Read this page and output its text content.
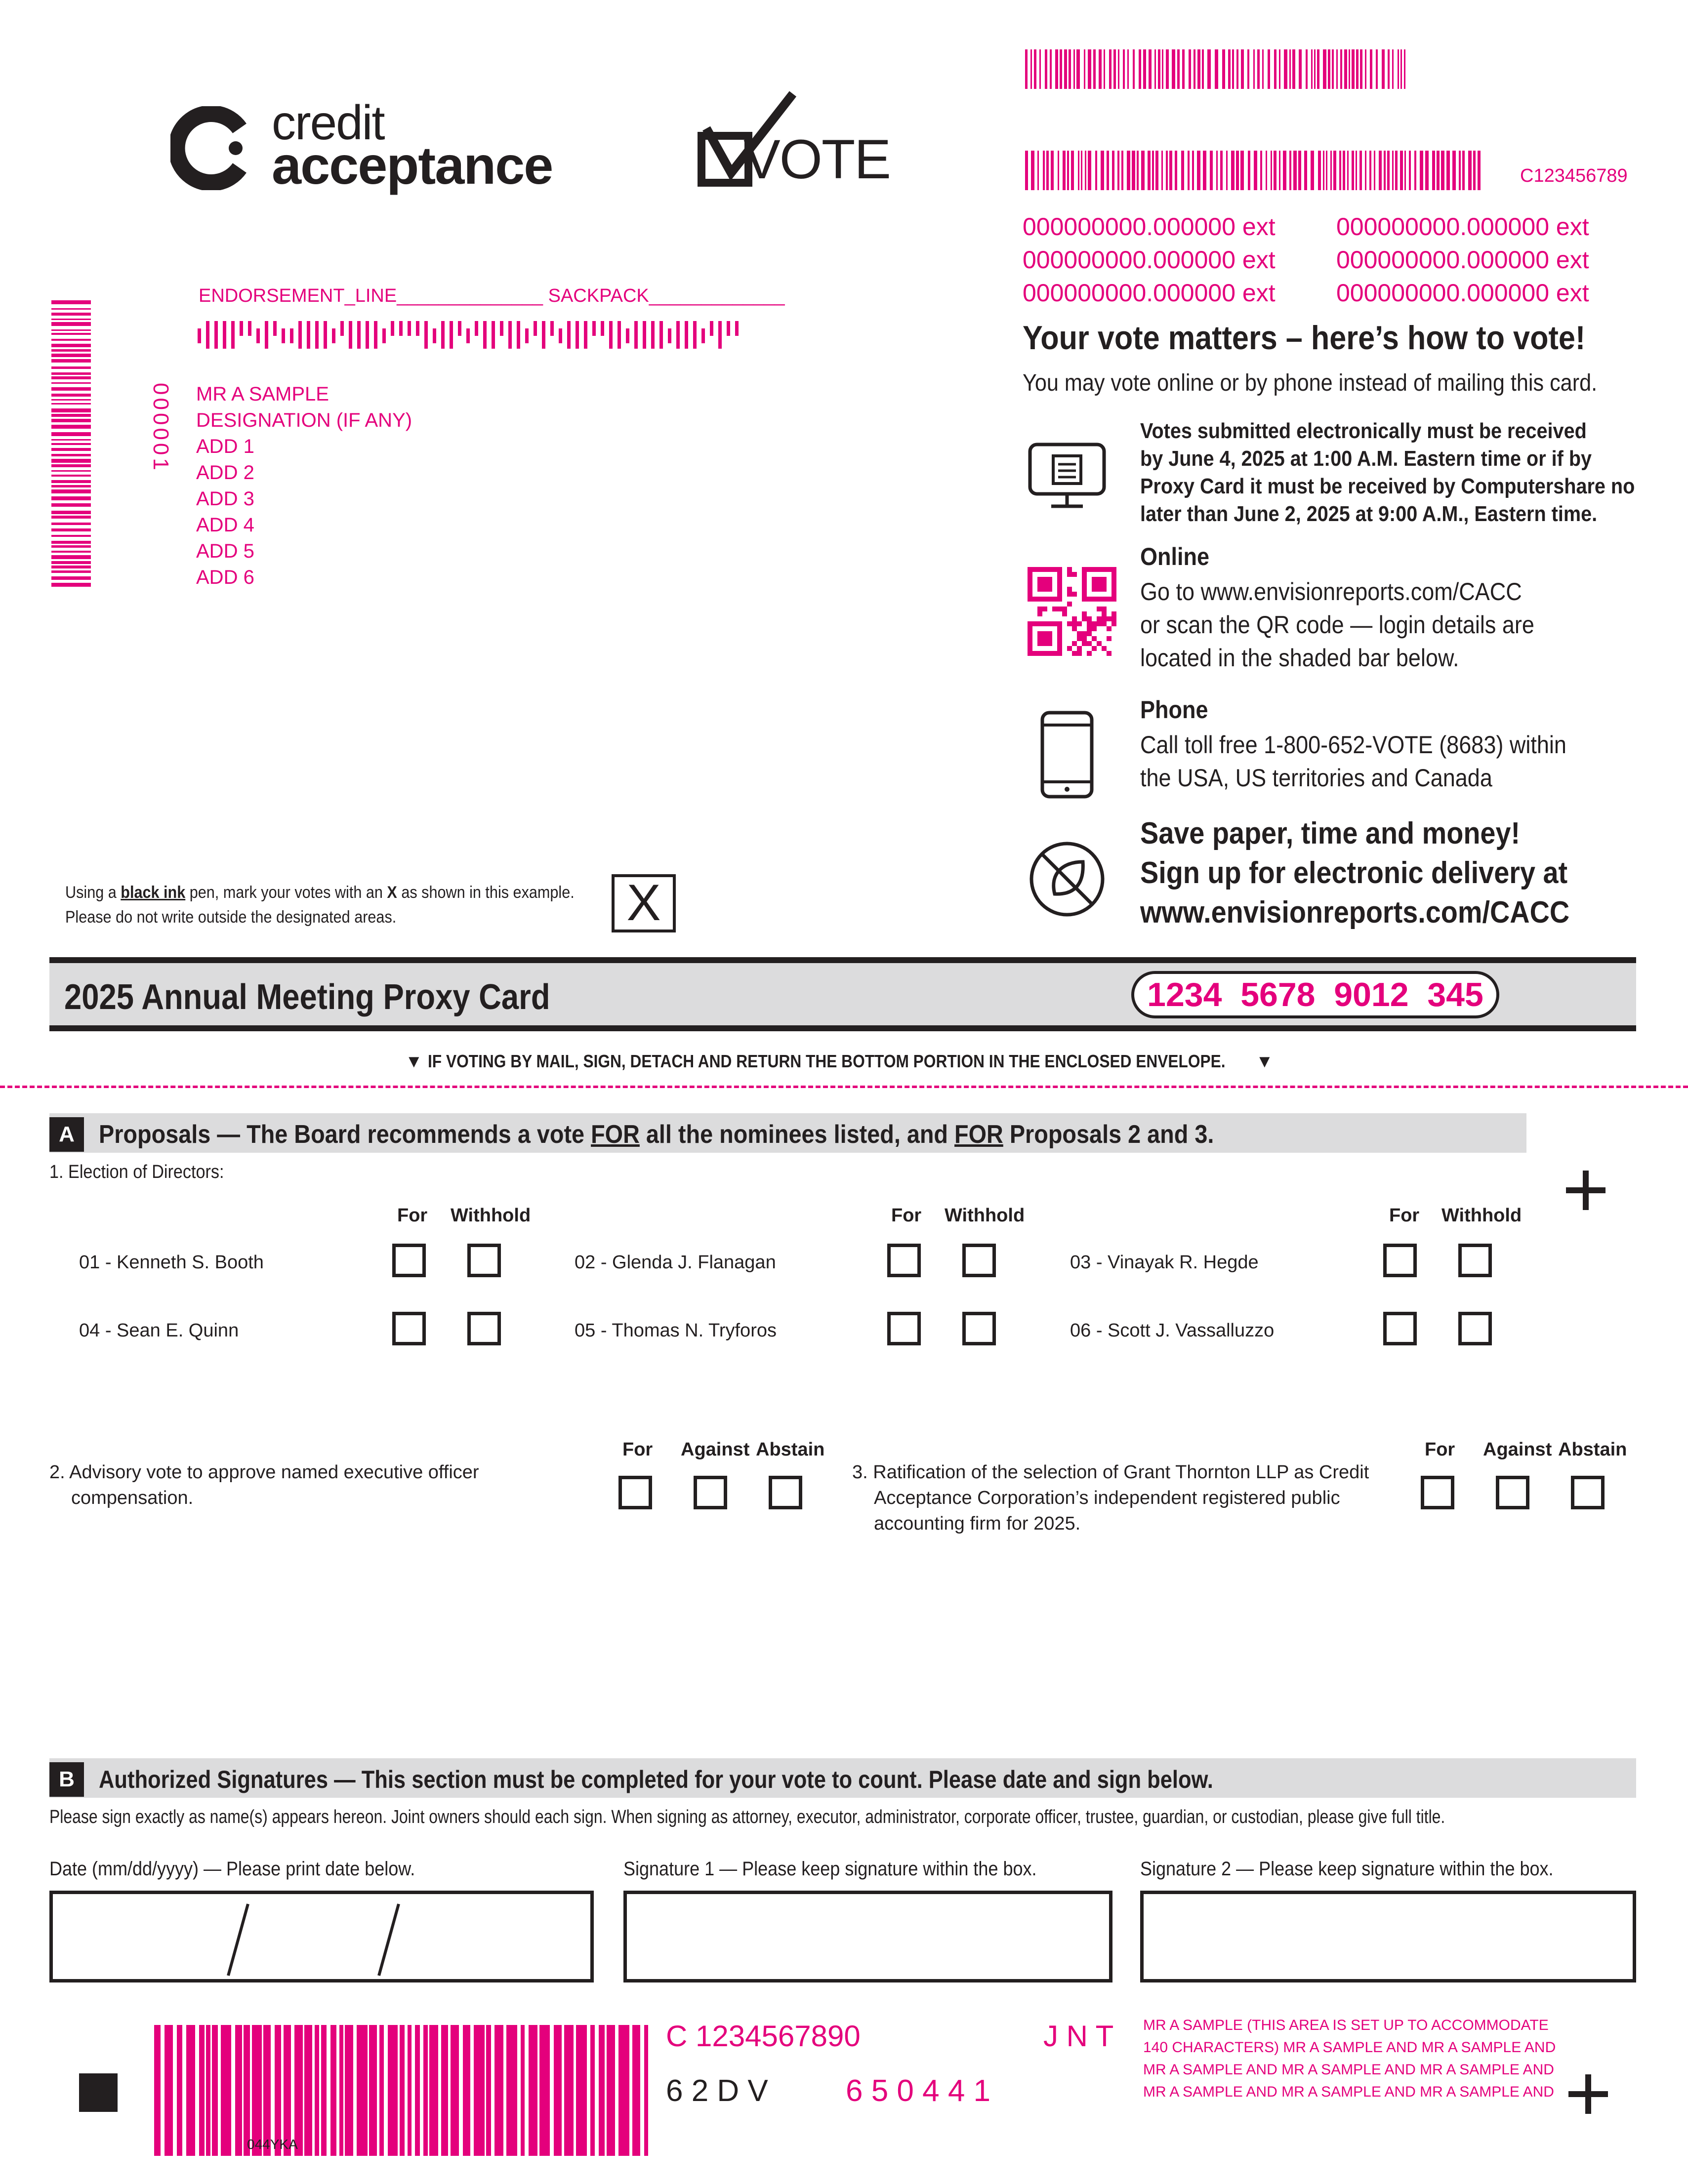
credit
acceptance	VOTE	C123456789
000000000.000000 ext 000000000.000000 ext
000000000.000000 ext 000000000.000000 ext
000000000.000000 ext 000000000.000000 ext
ENDORSEMENT_LINE______________ SACKPACK_____________
000001 MR A SAMPLE
DESIGNATION (IF ANY)
ADD 1
ADD 2
ADD 3
ADD 4
ADD 5
ADD 6
Your vote matters – here’s how to vote!
You may vote online or by phone instead of mailing this card.
Votes submitted electronically must be received
by June 4, 2025 at 1:00 A.M. Eastern time or if by
Proxy Card it must be received by Computershare no
later than June 2, 2025 at 9:00 A.M., Eastern time.
Online
Go to www.envisionreports.com/CACC
or scan the QR code — login details are
located in the shaded bar below.
Phone
Call toll free 1-800-652-VOTE (8683) within
the USA, US territories and Canada
Save paper, time and money!
Sign up for electronic delivery at
www.envisionreports.com/CACC
Using a black ink pen, mark your votes with an X as shown in this example.
Please do not write outside the designated areas.	X
2025 Annual Meeting Proxy Card	1234  5678  9012  345
▼ IF VOTING BY MAIL, SIGN, DETACH AND RETURN THE BOTTOM PORTION IN THE ENCLOSED ENVELOPE. ▼
A Proposals — The Board recommends a vote FOR all the nominees listed, and FOR Proposals 2 and 3.
1. Election of Directors:
For Withhold	For Withhold	For Withhold
01 - Kenneth S. Booth	02 - Glenda J. Flanagan	03 - Vinayak R. Hegde
04 - Sean E. Quinn	05 - Thomas N. Tryforos	06 - Scott J. Vassalluzzo
For Against Abstain
2. Advisory vote to approve named executive officer
compensation.
For Against Abstain
3. Ratification of the selection of Grant Thornton LLP as Credit
Acceptance Corporation’s independent registered public
accounting firm for 2025.
B Authorized Signatures — This section must be completed for your vote to count. Please date and sign below.
Please sign exactly as name(s) appears hereon. Joint owners should each sign. When signing as attorney, executor, administrator, corporate officer, trustee, guardian, or custodian, please give full title.
Date (mm/dd/yyyy) — Please print date below.	Signature 1 — Please keep signature within the box.	Signature 2 — Please keep signature within the box.
044YKA
C 1234567890	J N T
6 2 D V	6 5 0 4 4 1
MR A SAMPLE (THIS AREA IS SET UP TO ACCOMMODATE
140 CHARACTERS) MR A SAMPLE AND MR A SAMPLE AND
MR A SAMPLE AND MR A SAMPLE AND MR A SAMPLE AND
MR A SAMPLE AND MR A SAMPLE AND MR A SAMPLE AND
